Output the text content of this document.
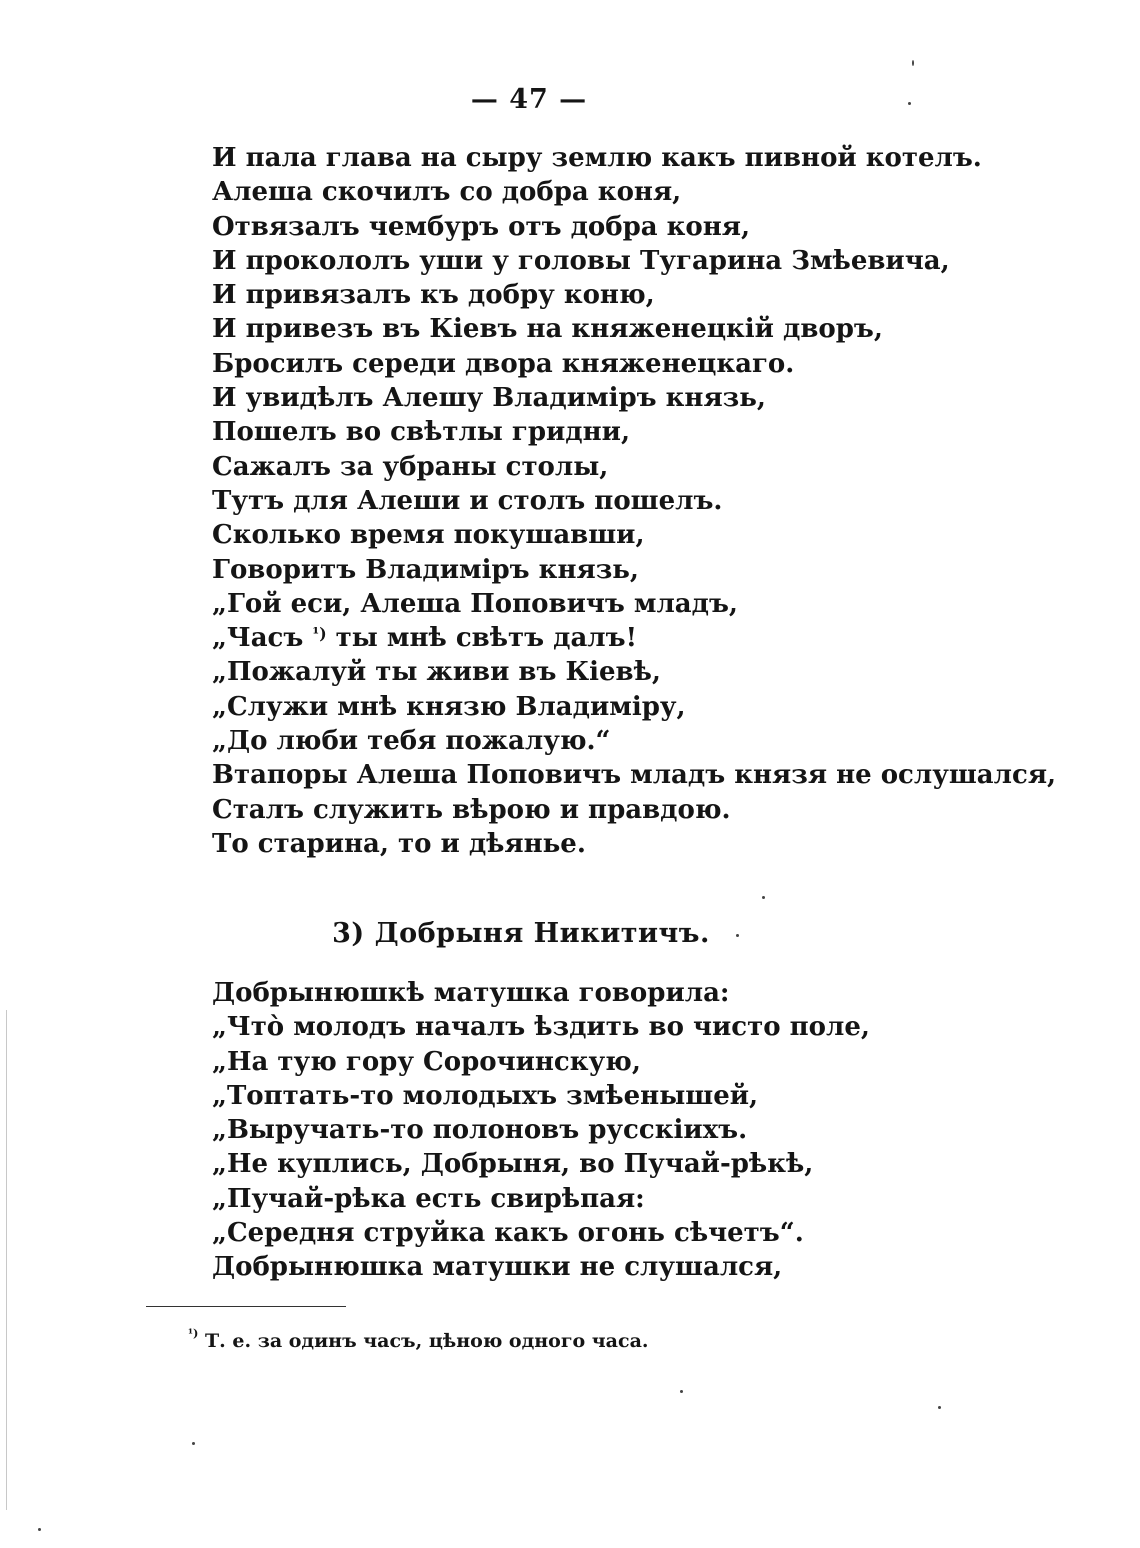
— 47 —
И пала глава на сыру землю какъ пивной котелъ.
Алеша скочилъ со добра коня,
Отвязалъ чембуръ отъ добра коня,
И прокололъ уши у головы Тугарина Змѣевича,
И привязалъ къ добру коню,
И привезъ въ Кіевъ на княженецкій дворъ,
Бросилъ середи двора княженецкаго.
И увидѣлъ Алешу Владиміръ князь,
Пошелъ во свѣтлы гридни,
Сажалъ за убраны столы,
Тутъ для Алеши и столъ пошелъ.
Сколько время покушавши,
Говоритъ Владиміръ князь,
„Гой еси, Алеша Поповичъ младъ,
„Часъ $^{^1)}$ ты мнѣ свѣтъ далъ!
„Пожалуй ты живи въ Кіевѣ,
„Служи мнѣ князю Владиміру,
„До люби тебя пожалую.“
Втапоры Алеша Поповичъ младъ князя не ослушался,
Сталъ служить вѣрою и правдою.
То старина, то и дѣянье.
3) Добрыня Никитичъ.
Добрынюшкѣ матушка говорила:
„Что̀ молодъ началъ ѣздить во чисто поле,
„На тую гору Сорочинскую,
„Топтать-то молодыхъ змѣенышей,
„Выручать-то полоновъ русскіихъ.
„Не куплись, Добрыня, во Пучай-рѣкѣ,
„Пучай-рѣка есть свирѣпая:
„Середня струйка какъ огонь сѣчетъ“.
Добрынюшка матушки не слушался,
$^{^1)}$ Т. е. за одинъ часъ, цѣною одного часа.
